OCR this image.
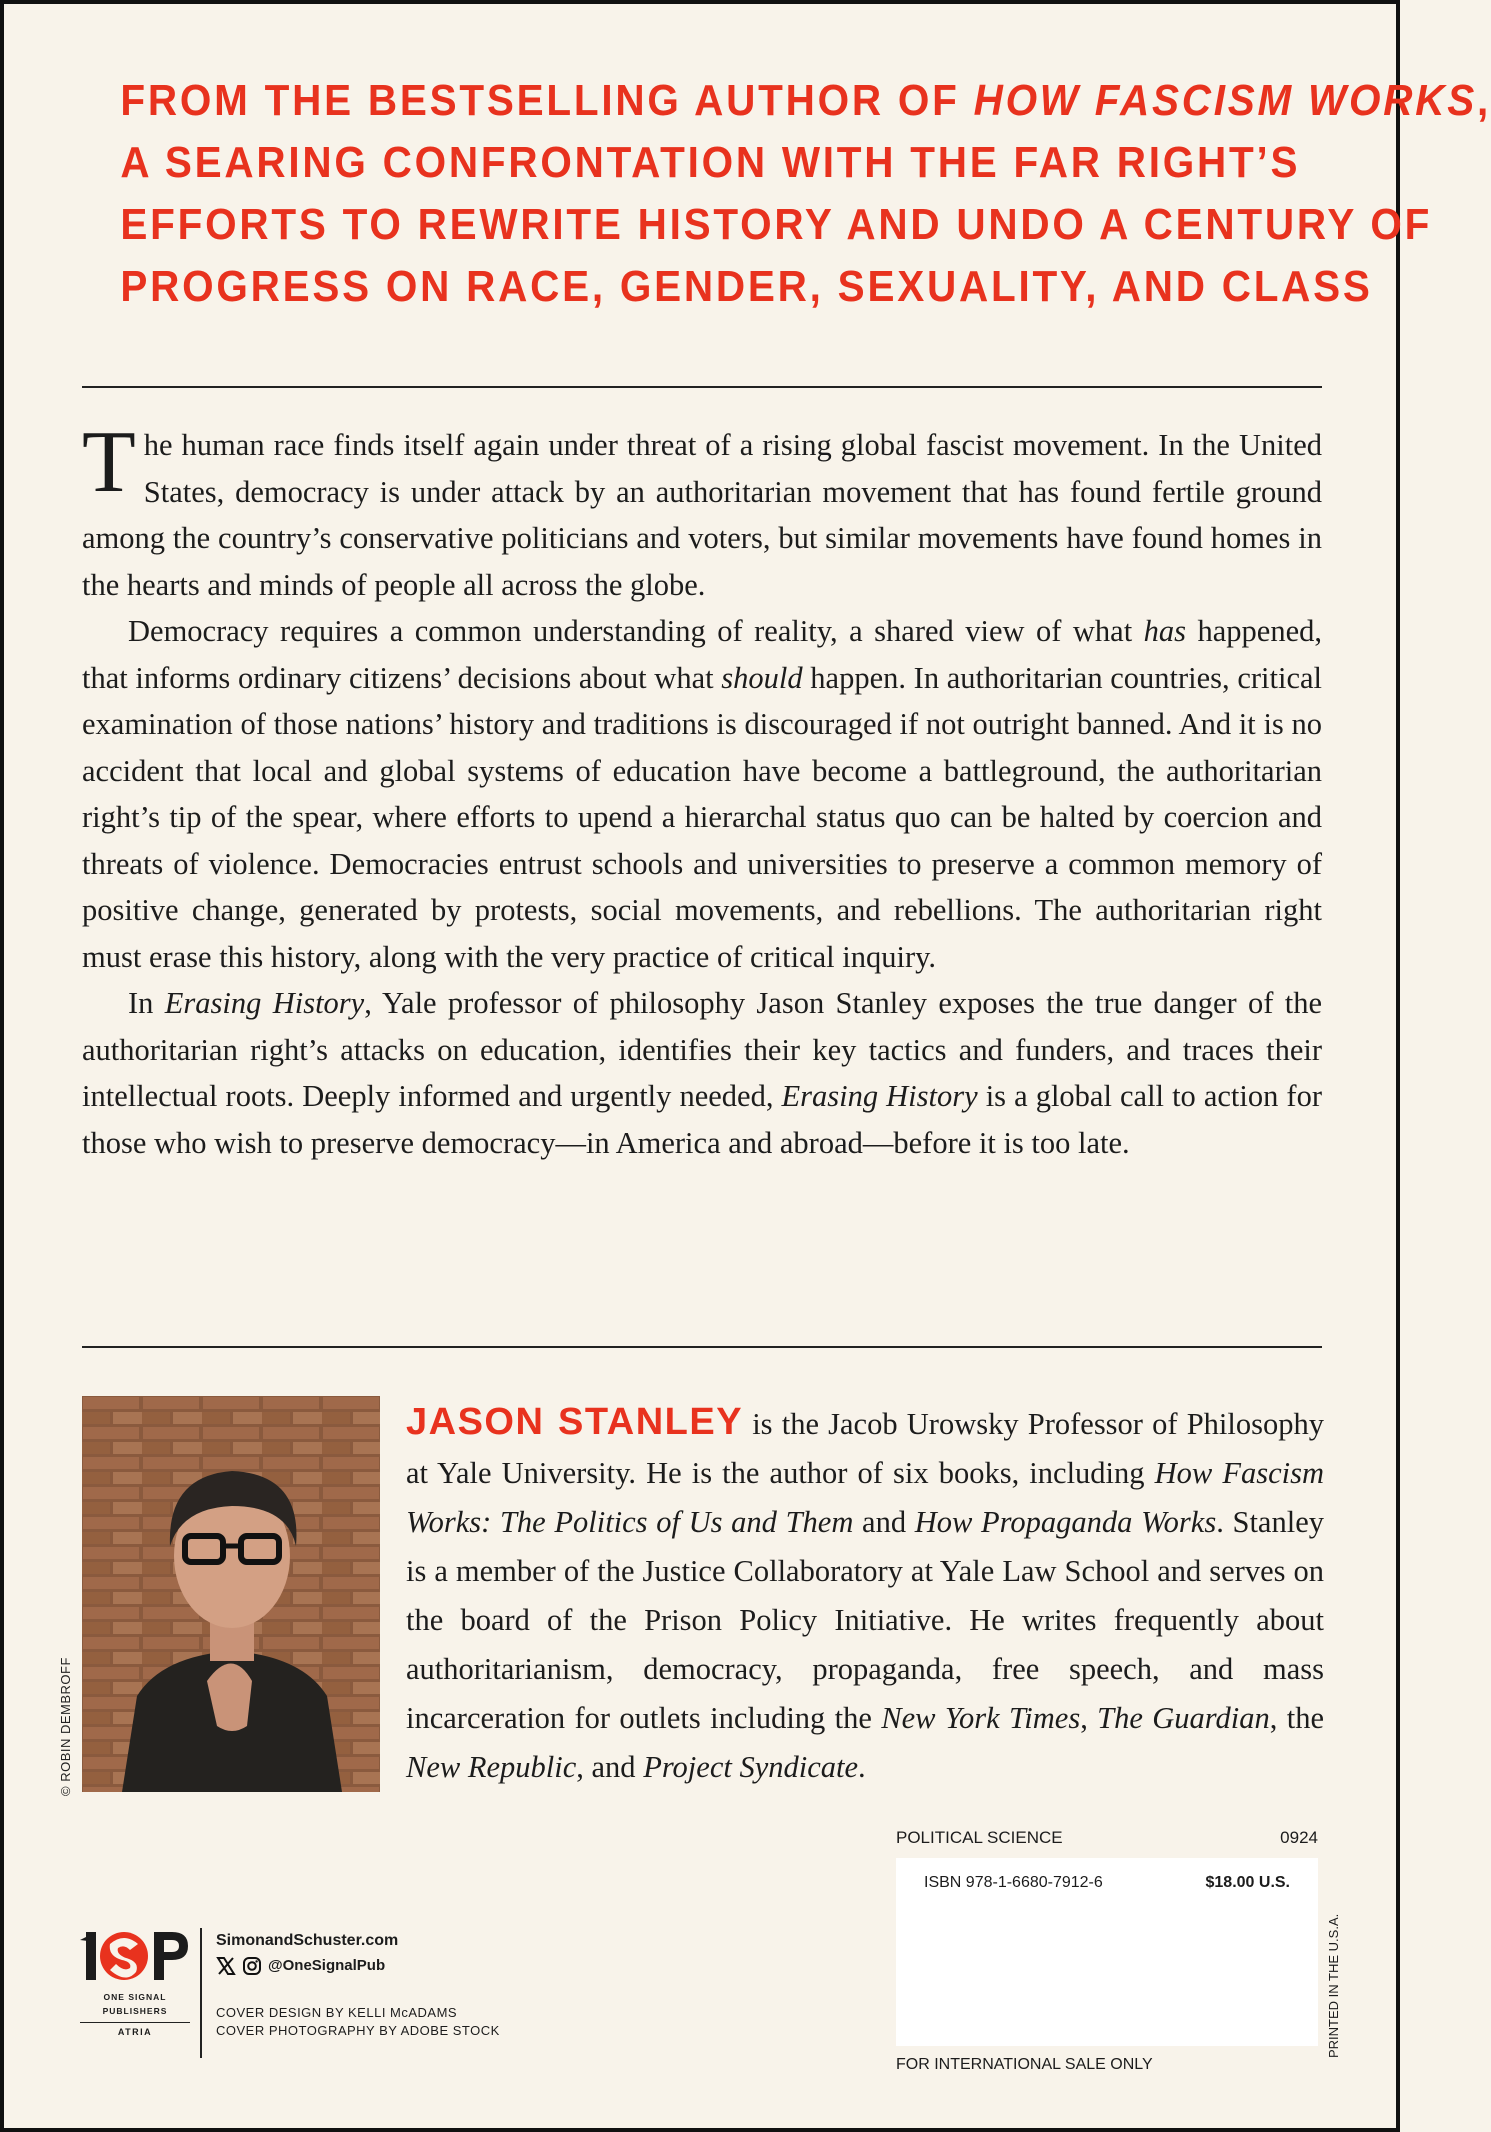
FROM THE BESTSELLING AUTHOR OF HOW FASCISM WORKS,
A SEARING CONFRONTATION WITH THE FAR RIGHT’S
EFFORTS TO REWRITE HISTORY AND UNDO A CENTURY OF
PROGRESS ON RACE, GENDER, SEXUALITY, AND CLASS

The human race finds itself again under threat of a rising global fascist movement. In the United States, democracy is under attack by an authoritarian movement that has found fertile ground among the country’s conservative politicians and voters, but similar movements have found homes in the hearts and minds of people all across the globe.

Democracy requires a common understanding of reality, a shared view of what has happened, that informs ordinary citizens’ decisions about what should happen. In authoritarian countries, critical examination of those nations’ history and traditions is discouraged if not outright banned. And it is no accident that local and global systems of education have become a battleground, the authoritarian right’s tip of the spear, where efforts to upend a hierarchal status quo can be halted by coercion and threats of violence. Democracies entrust schools and universities to preserve a common memory of positive change, generated by protests, social movements, and rebellions. The authoritarian right must erase this history, along with the very practice of critical inquiry.

In Erasing History, Yale professor of philosophy Jason Stanley exposes the true danger of the authoritarian right’s attacks on education, identifies their key tactics and funders, and traces their intellectual roots. Deeply informed and urgently needed, Erasing History is a global call to action for those who wish to preserve democracy—in America and abroad—before it is too late.

© ROBIN DEMBROFF
JASON STANLEY is the Jacob Urowsky Professor of Philosophy at Yale University. He is the author of six books, including How Fascism Works: The Politics of Us and Them and How Propaganda Works. Stanley is a member of the Justice Collaboratory at Yale Law School and serves on the board of the Prison Policy Initiative. He writes frequently about authoritarianism, democracy, propaganda, free speech, and mass incarceration for outlets including the New York Times, The Guardian, the New Republic, and Project Syndicate.
POLITICAL SCIENCE	0924
ISBN 978-1-6680-7912-6	$18.00 U.S.
FOR INTERNATIONAL SALE ONLY
PRINTED IN THE U.S.A.
ONE SIGNAL
PUBLISHERS
ATRIA
SimonandSchuster.com
@OneSignalPub
COVER DESIGN BY KELLI McADAMS
COVER PHOTOGRAPHY BY ADOBE STOCK
